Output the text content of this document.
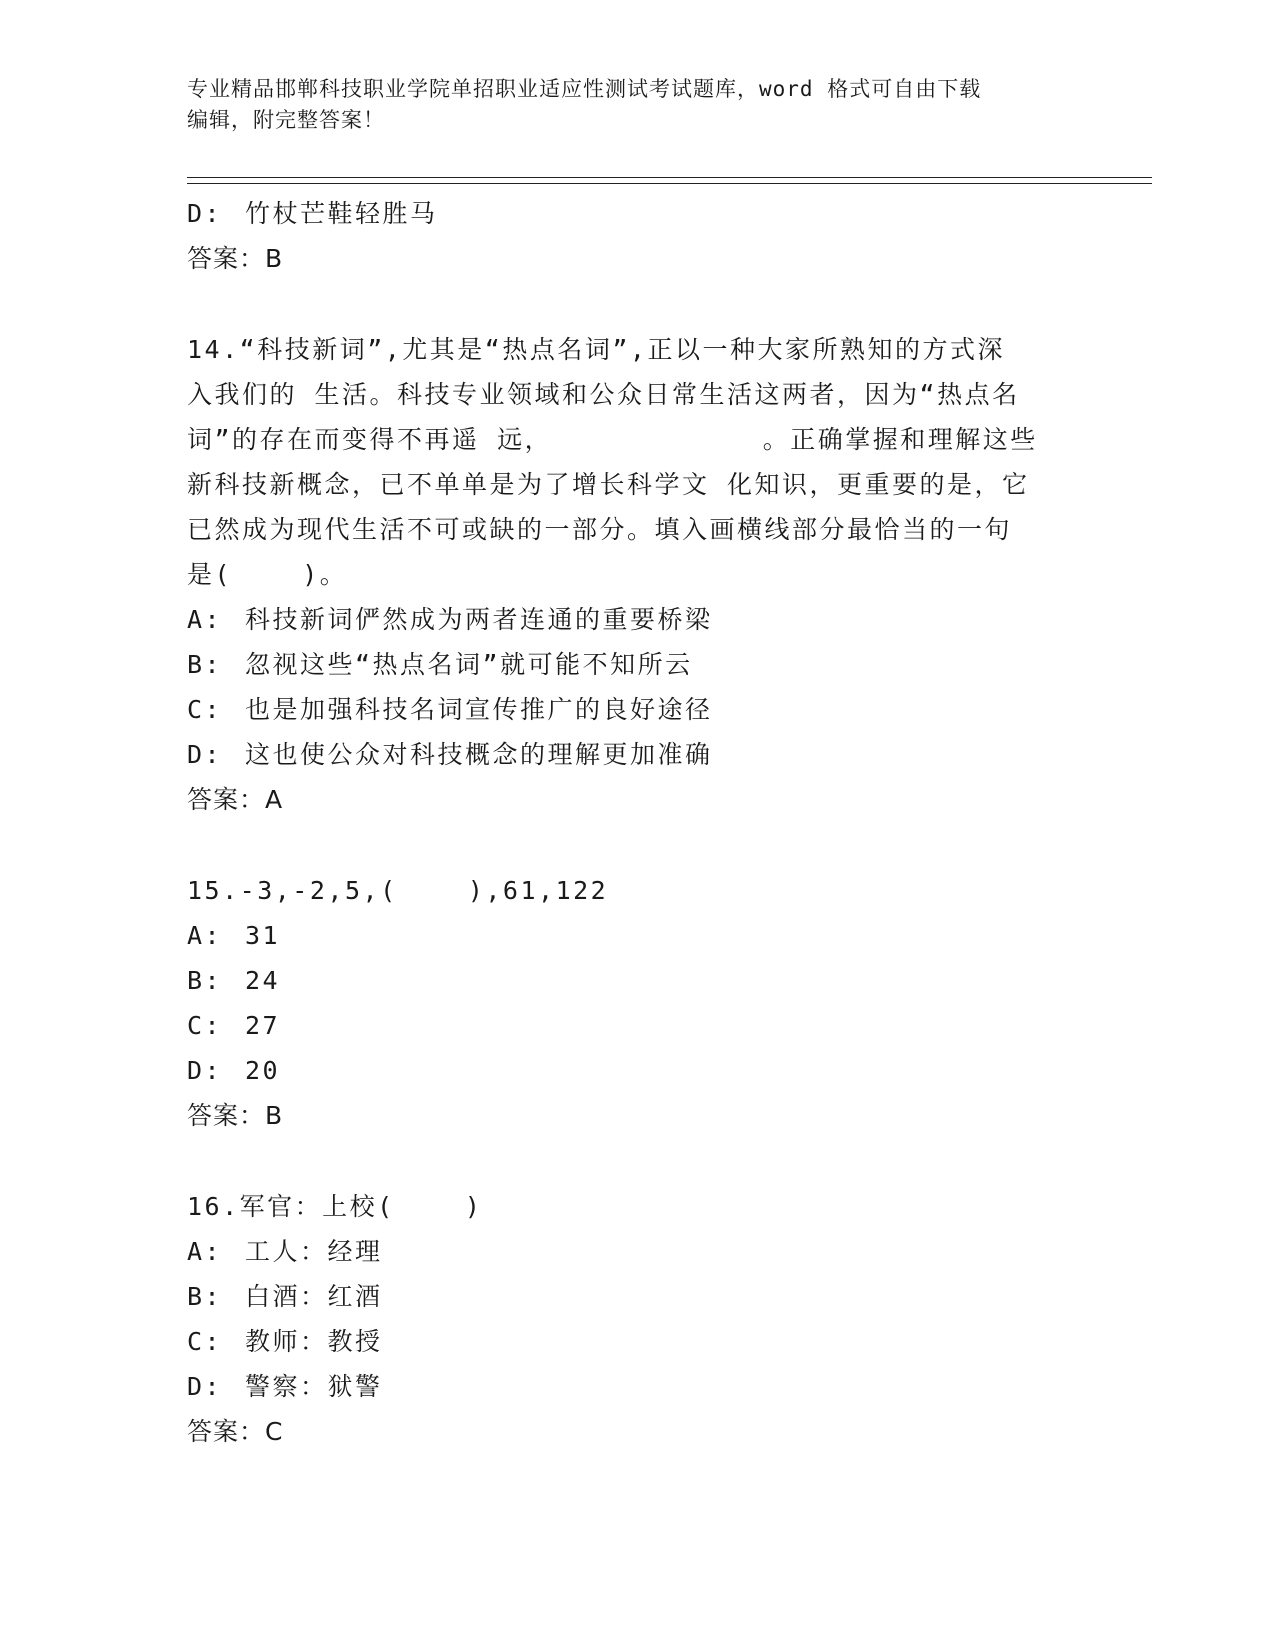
专业精品邯郸科技职业学院单招职业适应性测试考试题库，word 格式可自由下载
编辑，附完整答案！
D: 竹杖芒鞋轻胜马
答案：B
14.“科技新词”,尤其是“热点名词”,正以一种大家所熟知的方式深
入我们的 生活。科技专业领域和公众日常生活这两者，因为“热点名
词”的存在而变得不再遥 远，            。正确掌握和理解这些
新科技新概念，已不单单是为了增长科学文 化知识，更重要的是，它
已然成为现代生活不可或缺的一部分。填入画横线部分最恰当的一句
是(    )。
A: 科技新词俨然成为两者连通的重要桥梁
B: 忽视这些“热点名词”就可能不知所云
C: 也是加强科技名词宣传推广的良好途径
D: 这也使公众对科技概念的理解更加准确
答案：A
15.-3,-2,5,(    ),61,122
A: 31
B: 24
C: 27
D: 20
答案：B
16.军官：上校(    )
A: 工人：经理
B: 白酒：红酒
C: 教师：教授
D: 警察：狱警
答案：C
